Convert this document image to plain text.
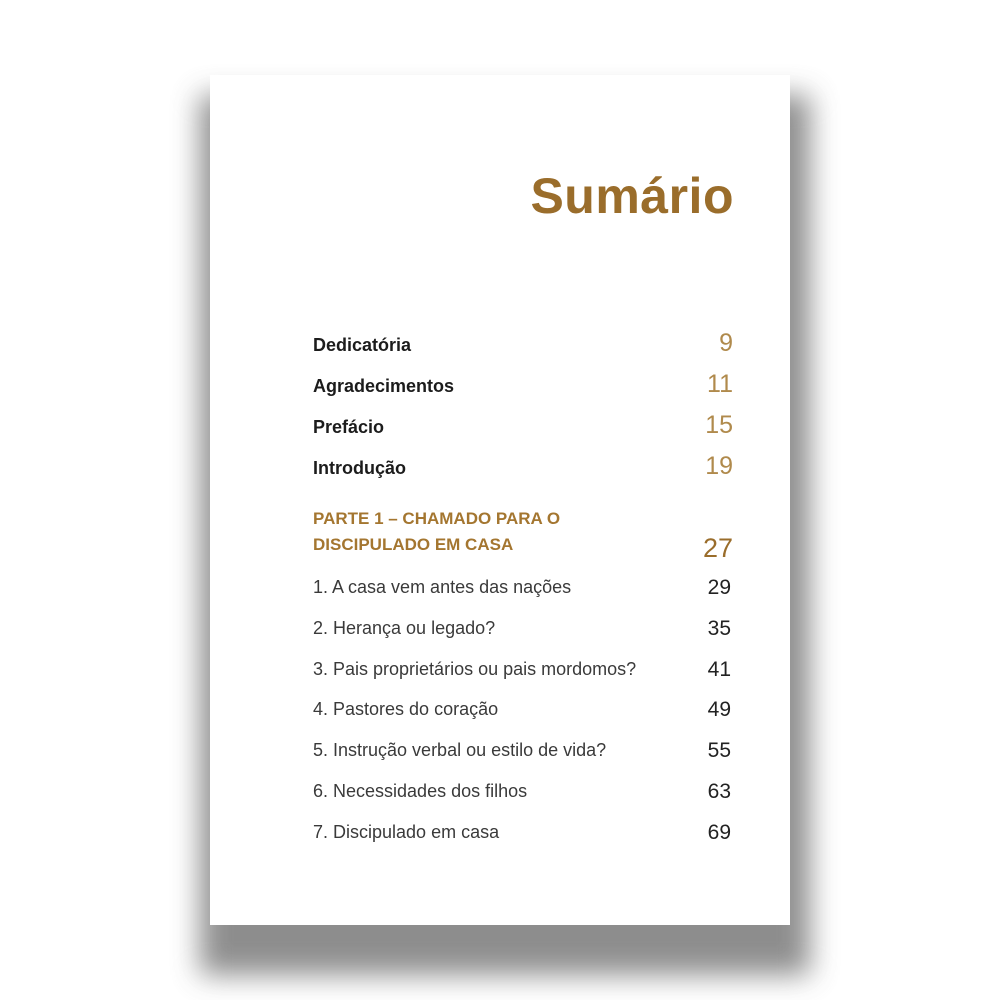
Sumário
Dedicatória	9
Agradecimentos	11
Prefácio	15
Introdução	19
PARTE 1 – CHAMADO PARA O
DISCIPULADO EM CASA	27
1. A casa vem antes das nações	29
2. Herança ou legado?	35
3. Pais proprietários ou pais mordomos?	41
4. Pastores do coração	49
5. Instrução verbal ou estilo de vida?	55
6. Necessidades dos filhos	63
7. Discipulado em casa	69
